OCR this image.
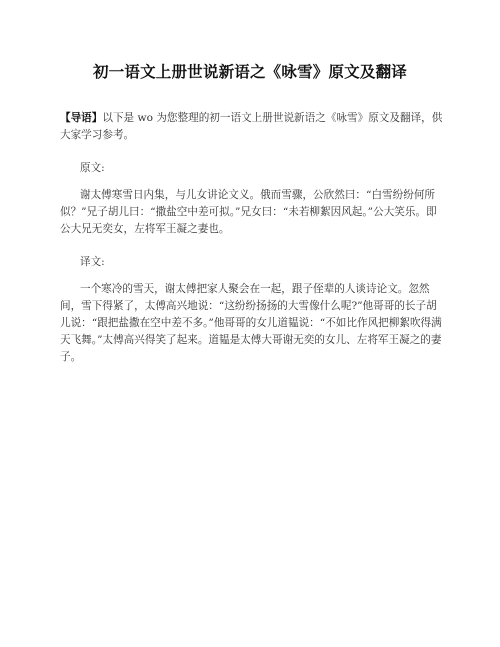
初一语文上册世说新语之《咏雪》原文及翻译

【导语】以下是 wo 为您整理的初一语文上册世说新语之《咏雪》原文及翻译，供大家学习参考。

原文:

谢太傅寒雪日内集，与儿女讲论文义。俄而雪骤，公欣然曰：“白雪纷纷何所似？”兄子胡儿曰：“撒盐空中差可拟。”兄女曰：“未若柳絮因风起。”公大笑乐。即公大兄无奕女，左将军王凝之妻也。

译文:

一个寒冷的雪天，谢太傅把家人聚会在一起，跟子侄辈的人谈诗论文。忽然间，雪下得紧了，太傅高兴地说：“这纷纷扬扬的大雪像什么呢?”他哥哥的长子胡儿说：“跟把盐撒在空中差不多。”他哥哥的女儿道韫说：“不如比作风把柳絮吹得满天飞舞。”太傅高兴得笑了起来。道韫是太傅大哥谢无奕的女儿、左将军王凝之的妻子。
